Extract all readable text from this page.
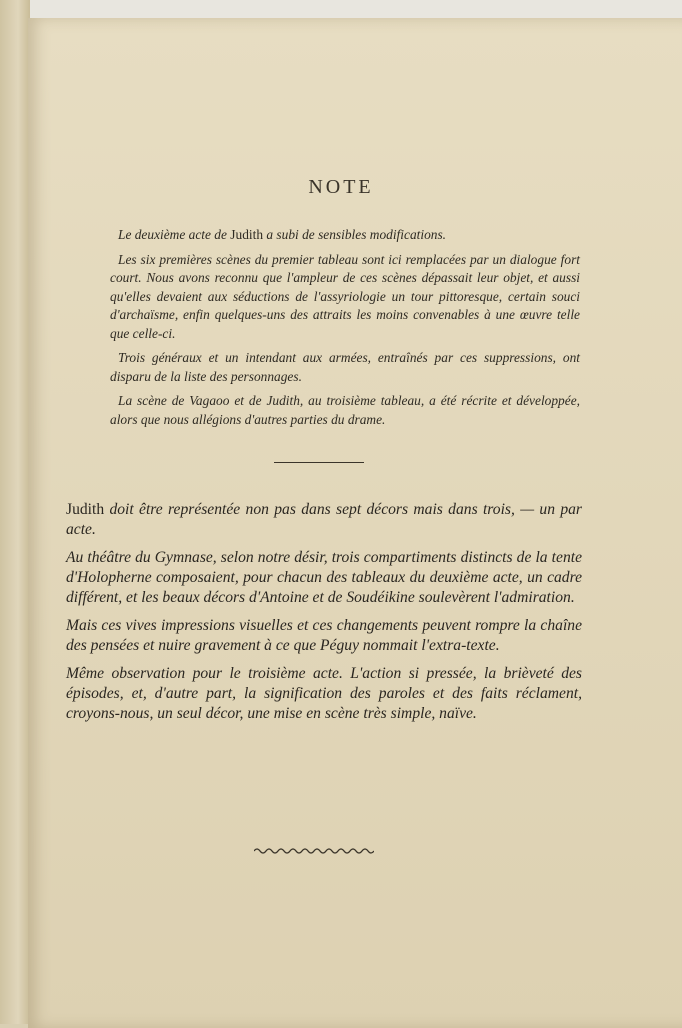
NOTE

Le deuxième acte de Judith a subi de sensibles modifications.

Les six premières scènes du premier tableau sont ici remplacées par un dialogue fort court. Nous avons reconnu que l'ampleur de ces scènes dépassait leur objet, et aussi qu'elles devaient aux séductions de l'assyriologie un tour pittoresque, certain souci d'archaïsme, enfin quelques-uns des attraits les moins convenables à une œuvre telle que celle-ci.

Trois généraux et un intendant aux armées, entraînés par ces suppressions, ont disparu de la liste des personnages.

La scène de Vagaoo et de Judith, au troisième tableau, a été récrite et développée, alors que nous allégions d'autres parties du drame.

Judith doit être représentée non pas dans sept décors mais dans trois, — un par acte.

Au théâtre du Gymnase, selon notre désir, trois compartiments distincts de la tente d'Holopherne composaient, pour chacun des tableaux du deuxième acte, un cadre différent, et les beaux décors d'Antoine et de Soudéikine soulevèrent l'admiration.

Mais ces vives impressions visuelles et ces changements peuvent rompre la chaîne des pensées et nuire gravement à ce que Péguy nommait l'extra-texte.

Même observation pour le troisième acte. L'action si pressée, la brièveté des épisodes, et, d'autre part, la signification des paroles et des faits réclament, croyons-nous, un seul décor, une mise en scène très simple, naïve.
